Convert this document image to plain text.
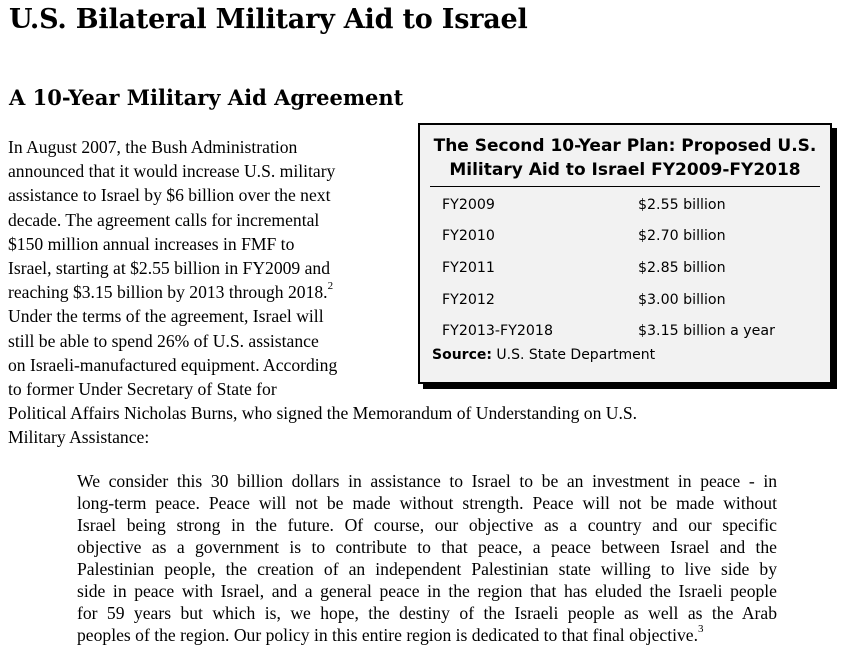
U.S. Bilateral Military Aid to Israel
A 10-Year Military Aid Agreement
In August 2007, the Bush Administration
announced that it would increase U.S. military
assistance to Israel by $6 billion over the next
decade. The agreement calls for incremental
$150 million annual increases in FMF to
Israel, starting at $2.55 billion in FY2009 and
reaching $3.15 billion by 2013 through 2018.$^2$
Under the terms of the agreement, Israel will
still be able to spend 26% of U.S. assistance
on Israeli-manufactured equipment. According
to former Under Secretary of State for
Political Affairs Nicholas Burns, who signed the Memorandum of Understanding on U.S.
Military Assistance:

The Second 10-Year Plan: Proposed U.S.
Military Aid to Israel FY2009-FY2018

FY2009	$2.55 billion
FY2010	$2.70 billion
FY2011	$2.85 billion
FY2012	$3.00 billion
FY2013-FY2018	$3.15 billion a year
Source: U.S. State Department
We consider this 30 billion dollars in assistance to Israel to be an investment in peace - in
long-term peace. Peace will not be made without strength. Peace will not be made without
Israel being strong in the future. Of course, our objective as a country and our specific
objective as a government is to contribute to that peace, a peace between Israel and the
Palestinian people, the creation of an independent Palestinian state willing to live side by
side in peace with Israel, and a general peace in the region that has eluded the Israeli people
for 59 years but which is, we hope, the destiny of the Israeli people as well as the Arab
peoples of the region. Our policy in this entire region is dedicated to that final objective.$^3$
